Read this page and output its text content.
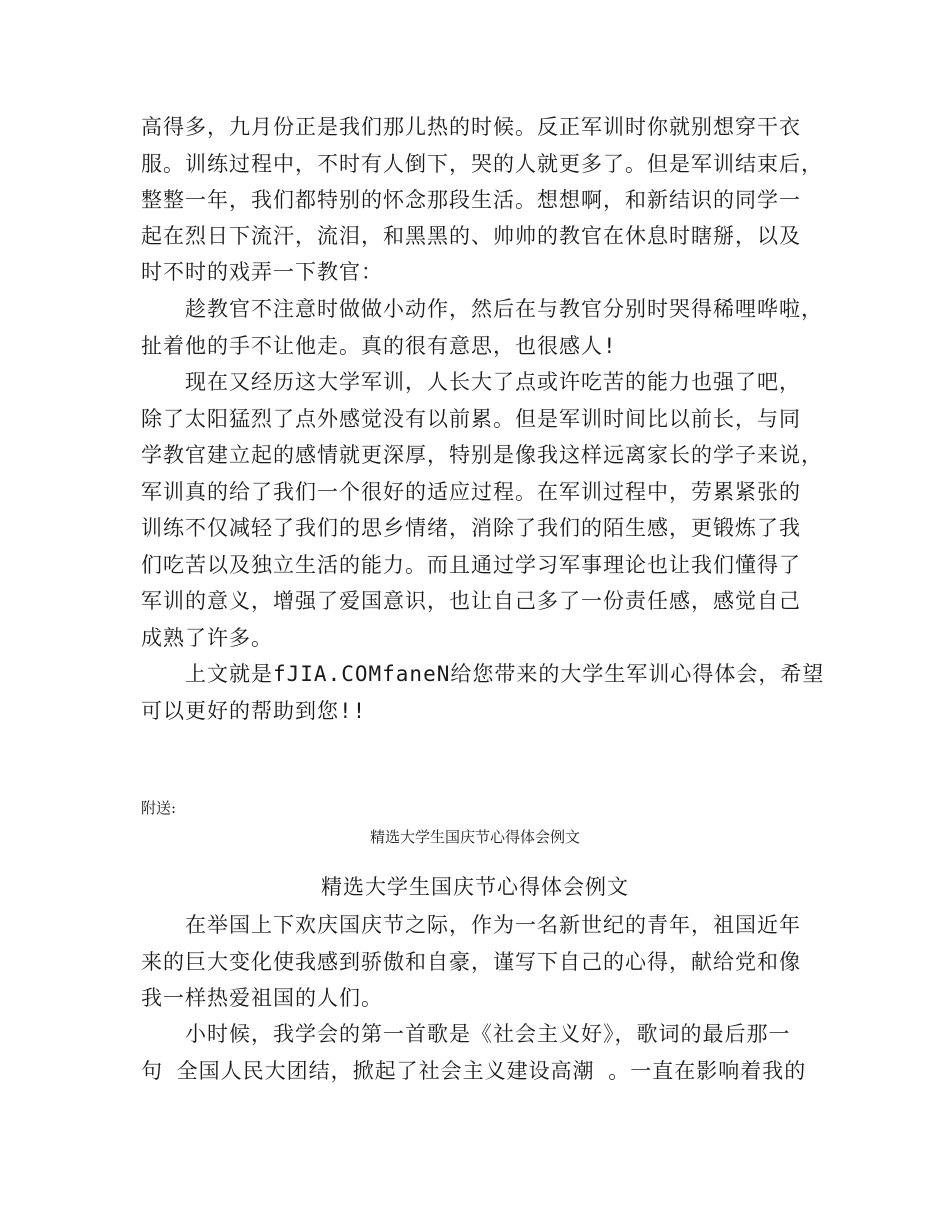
高得多，九月份正是我们那儿热的时候。反正军训时你就别想穿干衣
服。训练过程中，不时有人倒下，哭的人就更多了。但是军训结束后，
整整一年，我们都特别的怀念那段生活。想想啊，和新结识的同学一
起在烈日下流汗，流泪，和黑黑的、帅帅的教官在休息时瞎掰，以及
时不时的戏弄一下教官：
趁教官不注意时做做小动作，然后在与教官分别时哭得稀哩哗啦，
扯着他的手不让他走。真的很有意思，也很感人!
现在又经历这大学军训，人长大了点或许吃苦的能力也强了吧，
除了太阳猛烈了点外感觉没有以前累。但是军训时间比以前长，与同
学教官建立起的感情就更深厚，特别是像我这样远离家长的学子来说，
军训真的给了我们一个很好的适应过程。在军训过程中，劳累紧张的
训练不仅减轻了我们的思乡情绪，消除了我们的陌生感，更锻炼了我
们吃苦以及独立生活的能力。而且通过学习军事理论也让我们懂得了
军训的意义，增强了爱国意识，也让自己多了一份责任感，感觉自己
成熟了许多。
上文就是fJIA.COMfaneN给您带来的大学生军训心得体会，希望
可以更好的帮助到您!!
附送:
精选大学生国庆节心得体会例文
精选大学生国庆节心得体会例文
在举国上下欢庆国庆节之际，作为一名新世纪的青年，祖国近年
来的巨大变化使我感到骄傲和自豪，谨写下自己的心得，献给党和像
我一样热爱祖国的人们。
小时候，我学会的第一首歌是《社会主义好》，歌词的最后那一
句 全国人民大团结，掀起了社会主义建设高潮 。一直在影响着我的
